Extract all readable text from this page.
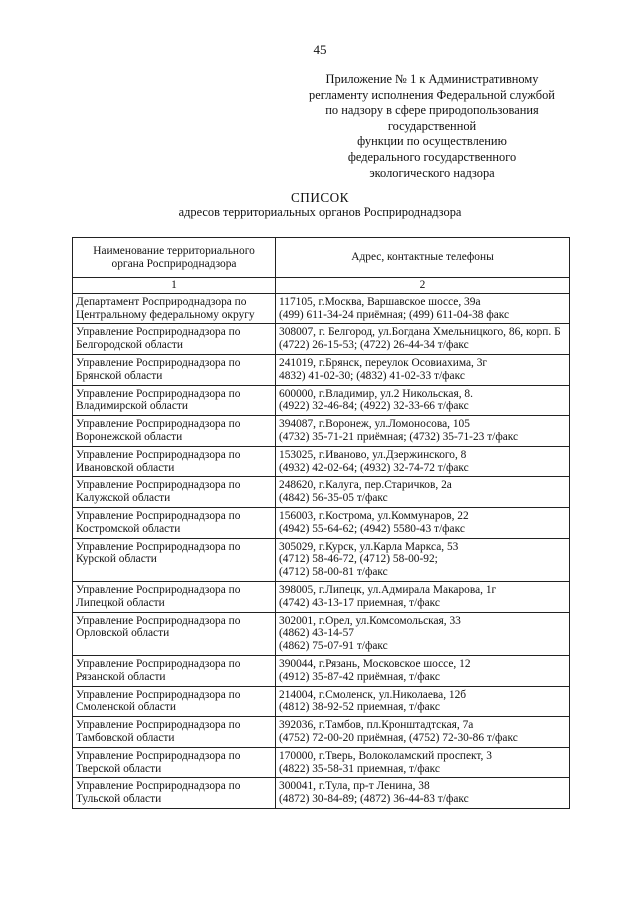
45
Приложение № 1 к Административному
регламенту исполнения Федеральной службой
по надзору в сфере природопользования
государственной
функции по осуществлению
федерального государственного
экологического надзора
СПИСОК
адресов территориальных органов Росприроднадзора
Наименование территориального органа Росприроднадзора	Адрес, контактные телефоны
1	2

Департамент Росприроднадзора по
Центральному федеральному округу	117105, г.Москва, Варшавское шоссе, 39а
(499) 611-34-24 приёмная; (499) 611-04-38 факс

Управление Росприроднадзора по
Белгородской области	308007, г. Белгород, ул.Богдана Хмельницкого, 86, корп. Б
(4722) 26-15-53; (4722) 26-44-34 т/факс

Управление Росприроднадзора по
Брянской области	241019, г.Брянск, переулок Осовиахима, 3г
4832) 41-02-30; (4832) 41-02-33 т/факс

Управление Росприроднадзора по
Владимирской области	600000, г.Владимир, ул.2 Никольская, 8.
(4922) 32-46-84; (4922) 32-33-66 т/факс

Управление Росприроднадзора по
Воронежской области	394087, г.Воронеж, ул.Ломоносова, 105
(4732) 35-71-21 приёмная; (4732) 35-71-23 т/факс

Управление Росприроднадзора по
Ивановской области	153025, г.Иваново, ул.Дзержинского, 8
(4932) 42-02-64; (4932) 32-74-72 т/факс

Управление Росприроднадзора по
Калужской области	248620, г.Калуга, пер.Старичков, 2а
(4842) 56-35-05 т/факс

Управление Росприроднадзора по
Костромской области	156003, г.Кострома, ул.Коммунаров, 22
(4942) 55-64-62; (4942) 5580-43 т/факс

Управление Росприроднадзора по
Курской области	305029, г.Курск, ул.Карла Маркса, 53
(4712) 58-46-72, (4712) 58-00-92;
(4712) 58-00-81 т/факс

Управление Росприроднадзора по
Липецкой области	398005, г.Липецк, ул.Адмирала Макарова, 1г
(4742) 43-13-17 приемная, т/факс

Управление Росприроднадзора по
Орловской области	302001, г.Орел, ул.Комсомольская, 33
(4862) 43-14-57
(4862) 75-07-91 т/факс

Управление Росприроднадзора по
Рязанской области	390044, г.Рязань, Московское шоссе, 12
(4912) 35-87-42 приёмная, т/факс

Управление Росприроднадзора по
Смоленской области	214004, г.Смоленск, ул.Николаева, 12б
(4812) 38-92-52 приемная, т/факс

Управление Росприроднадзора по
Тамбовской области	392036, г.Тамбов, пл.Кронштадтская, 7а
(4752) 72-00-20 приёмная, (4752) 72-30-86 т/факс

Управление Росприроднадзора по
Тверской области	170000, г.Тверь, Волоколамский проспект, 3
(4822) 35-58-31 приемная, т/факс

Управление Росприроднадзора по
Тульской области	300041, г.Тула, пр-т Ленина, 38
(4872) 30-84-89; (4872) 36-44-83 т/факс
